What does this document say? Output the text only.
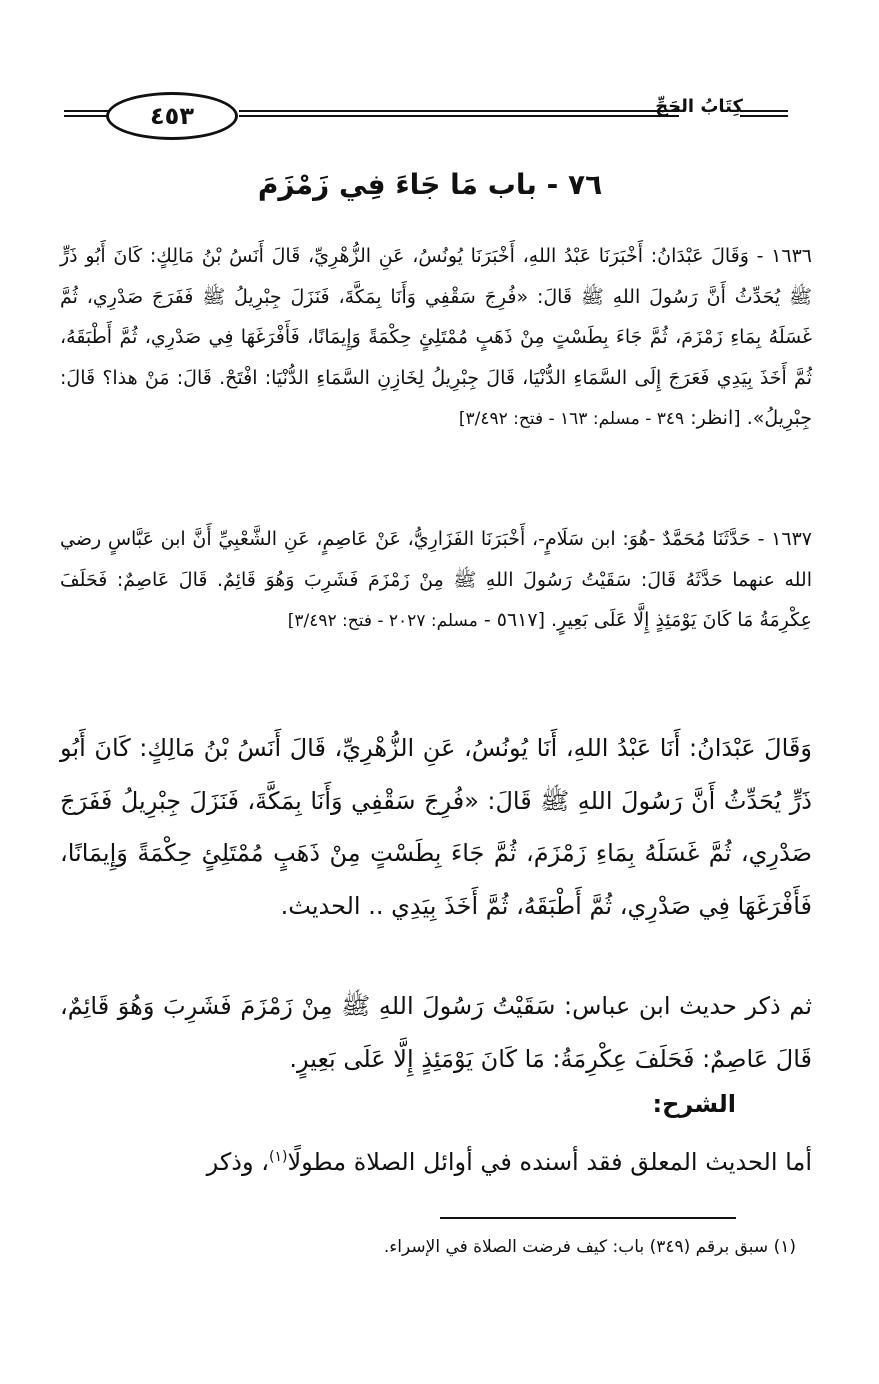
٤٥٣	كِتَابُ الحَجِّ
٧٦ - باب مَا جَاءَ فِي زَمْزَمَ
١٦٣٦ - وَقَالَ عَبْدَانُ: أَخْبَرَنَا عَبْدُ اللهِ، أَخْبَرَنَا يُونُسُ، عَنِ الزُّهْرِيِّ، قَالَ أَنَسُ بْنُ مَالِكٍ: كَانَ أَبُو ذَرٍّ ﷺ يُحَدِّثُ أَنَّ رَسُولَ اللهِ ﷺ قَالَ: «فُرِجَ سَقْفِي وَأَنَا بِمَكَّةَ، فَنَزَلَ جِبْرِيلُ ﷺ فَفَرَجَ صَدْرِي، ثُمَّ غَسَلَهُ بِمَاءِ زَمْزَمَ، ثُمَّ جَاءَ بِطَسْتٍ مِنْ ذَهَبٍ مُمْتَلِئٍ حِكْمَةً وَإِيمَانًا، فَأَفْرَغَهَا فِي صَدْرِي، ثُمَّ أَطْبَقَهُ، ثُمَّ أَخَذَ بِيَدِي فَعَرَجَ إِلَى السَّمَاءِ الدُّنْيَا، قَالَ جِبْرِيلُ لِخَازِنِ السَّمَاءِ الدُّنْيَا: افْتَحْ. قَالَ: مَنْ هذا؟ قَالَ: جِبْرِيلُ». [انظر: ٣٤٩ - مسلم: ١٦٣ - فتح: ٣/٤٩٢]
١٦٣٧ - حَدَّثَنَا مُحَمَّدٌ -هُوَ: ابن سَلَامٍ-، أَخْبَرَنَا الفَزَارِيُّ، عَنْ عَاصِمٍ، عَنِ الشَّعْبِيِّ أَنَّ ابن عَبَّاسٍ رضي الله عنهما حَدَّثَهُ قَالَ: سَقَيْتُ رَسُولَ اللهِ ﷺ مِنْ زَمْزَمَ فَشَرِبَ وَهُوَ قَائِمٌ. قَالَ عَاصِمٌ: فَحَلَفَ عِكْرِمَةُ مَا كَانَ يَوْمَئِذٍ إِلَّا عَلَى بَعِيرٍ. [٥٦١٧ - مسلم: ٢٠٢٧ - فتح: ٣/٤٩٢]
وَقَالَ عَبْدَانُ: أَنَا عَبْدُ اللهِ، أَنَا يُونُسُ، عَنِ الزُّهْرِيِّ، قَالَ أَنَسُ بْنُ مَالِكٍ: كَانَ أَبُو ذَرٍّ يُحَدِّثُ أَنَّ رَسُولَ اللهِ ﷺ قَالَ: «فُرِجَ سَقْفِي وَأَنَا بِمَكَّةَ، فَنَزَلَ جِبْرِيلُ فَفَرَجَ صَدْرِي، ثُمَّ غَسَلَهُ بِمَاءِ زَمْزَمَ، ثُمَّ جَاءَ بِطَسْتٍ مِنْ ذَهَبٍ مُمْتَلِئٍ حِكْمَةً وَإِيمَانًا، فَأَفْرَغَهَا فِي صَدْرِي، ثُمَّ أَطْبَقَهُ، ثُمَّ أَخَذَ بِيَدِي .. الحديث.
ثم ذكر حديث ابن عباس: سَقَيْتُ رَسُولَ اللهِ ﷺ مِنْ زَمْزَمَ فَشَرِبَ وَهُوَ قَائِمٌ، قَالَ عَاصِمٌ: فَحَلَفَ عِكْرِمَةُ: مَا كَانَ يَوْمَئِذٍ إِلَّا عَلَى بَعِيرٍ.
الشرح:
أما الحديث المعلق فقد أسنده في أوائل الصلاة مطولًا$^{(١)}$، وذكر
(١) سبق برقم (٣٤٩) باب: كيف فرضت الصلاة في الإسراء.
